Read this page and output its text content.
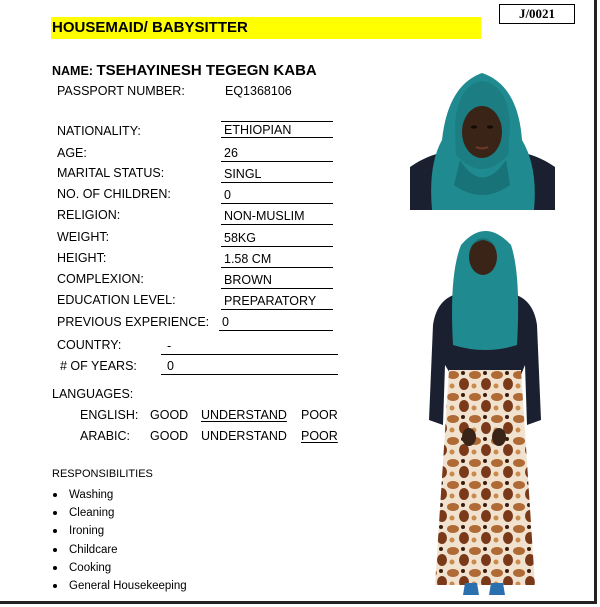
J/0021
HOUSEMAID/ BABYSITTER
NAME: TSEHAYINESH TEGEGN KABA
PASSPORT NUMBER:	EQ1368106
NATIONALITY:	ETHIOPIAN
AGE:	26
MARITAL STATUS:	SINGL
NO. OF CHILDREN:	0
RELIGION:	NON-MUSLIM
WEIGHT:	58KG
HEIGHT:	1.58 CM
COMPLEXION:	BROWN
EDUCATION LEVEL:	PREPARATORY
PREVIOUS EXPERIENCE: 0
COUNTRY:	-
# OF YEARS:	0
LANGUAGES:
ENGLISH: GOOD UNDERSTAND POOR
ARABIC: GOOD UNDERSTAND POOR
RESPONSIBILITIES
Washing
Cleaning
Ironing
Childcare
Cooking
General Housekeeping
